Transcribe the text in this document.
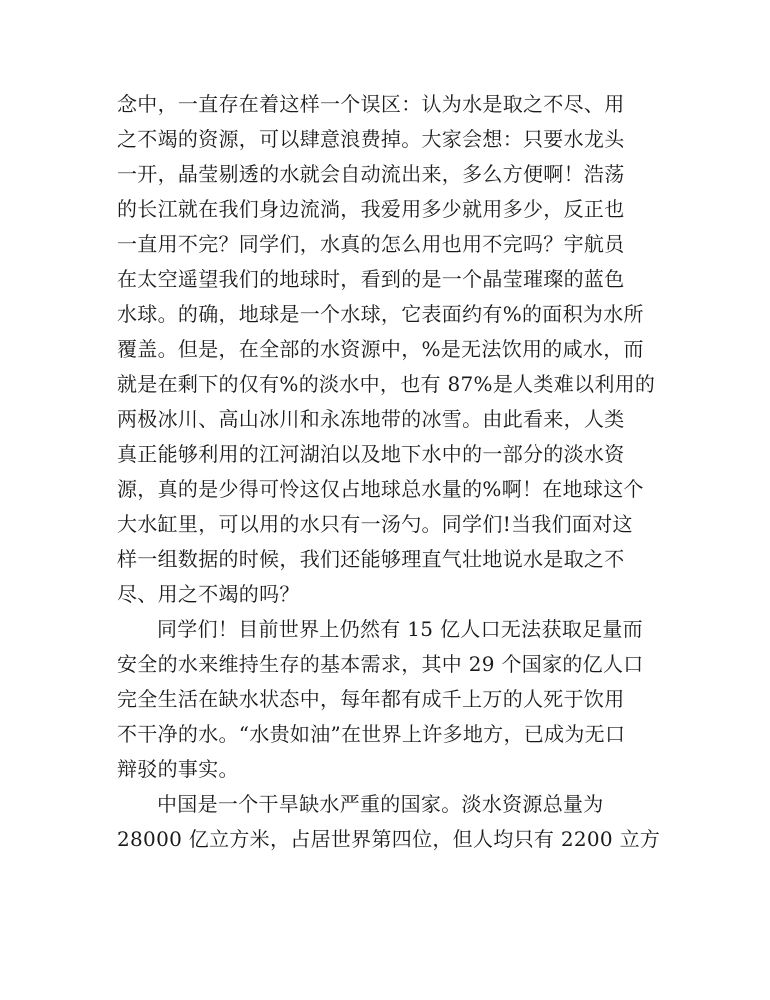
念中，一直存在着这样一个误区：认为水是取之不尽、用
之不竭的资源，可以肆意浪费掉。大家会想：只要水龙头
一开，晶莹剔透的水就会自动流出来，多么方便啊！浩荡
的长江就在我们身边流淌，我爱用多少就用多少，反正也
一直用不完？同学们，水真的怎么用也用不完吗？宇航员
在太空遥望我们的地球时，看到的是一个晶莹璀璨的蓝色
水球。的确，地球是一个水球，它表面约有%的面积为水所
覆盖。但是，在全部的水资源中，%是无法饮用的咸水，而
就是在剩下的仅有%的淡水中，也有 87%是人类难以利用的
两极冰川、高山冰川和永冻地带的冰雪。由此看来，人类
真正能够利用的江河湖泊以及地下水中的一部分的淡水资
源，真的是少得可怜这仅占地球总水量的%啊！在地球这个
大水缸里，可以用的水只有一汤勺。同学们!当我们面对这
样一组数据的时候，我们还能够理直气壮地说水是取之不
尽、用之不竭的吗？
同学们！目前世界上仍然有 15 亿人口无法获取足量而
安全的水来维持生存的基本需求，其中 29 个国家的亿人口
完全生活在缺水状态中，每年都有成千上万的人死于饮用
不干净的水。“水贵如油”在世界上许多地方，已成为无口
辩驳的事实。
中国是一个干旱缺水严重的国家。淡水资源总量为
28000 亿立方米，占居世界第四位，但人均只有 2200 立方
